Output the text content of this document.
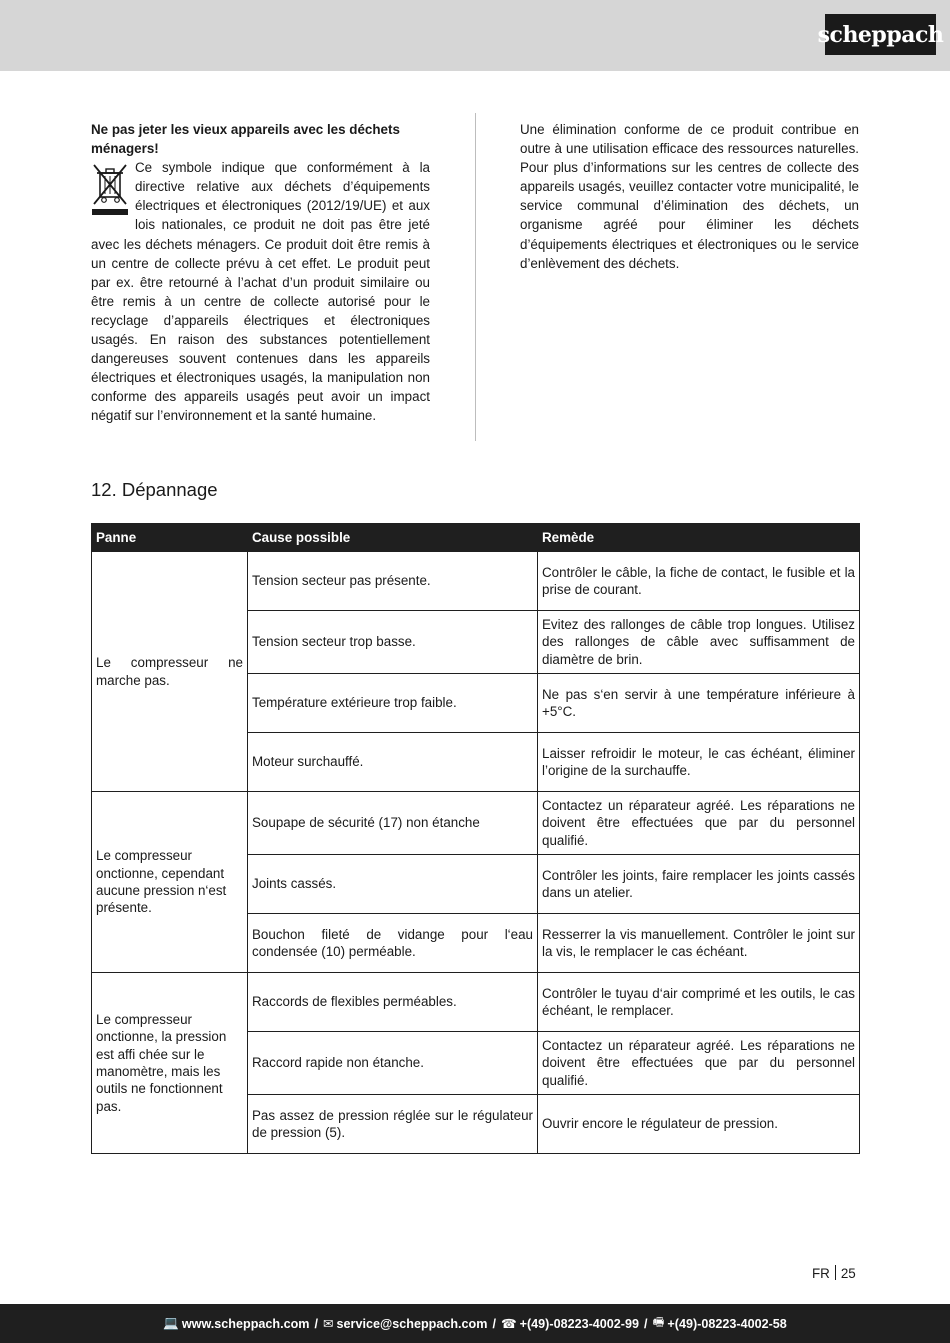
scheppach
Ne pas jeter les vieux appareils avec les déchets ménagers!
Ce symbole indique que conformément à la directive relative aux déchets d’équipements électriques et électroniques (2012/19/UE) et aux lois nationales, ce produit ne doit pas être jeté avec les déchets ménagers. Ce produit doit être remis à un centre de collecte prévu à cet effet. Le produit peut par ex. être retourné à l’achat d’un produit similaire ou être remis à un centre de collecte autorisé pour le recyclage d’appareils électriques et électroniques usagés. En raison des substances potentiellement dangereuses souvent contenues dans les appareils électriques et électroniques usagés, la manipulation non conforme des appareils usagés peut avoir un impact négatif sur l’environnement et la santé humaine.
Une élimination conforme de ce produit contribue en outre à une utilisation efficace des ressources naturelles. Pour plus d’informations sur les centres de collecte des appareils usagés, veuillez contacter votre municipalité, le service communal d’élimination des déchets, un organisme agréé pour éliminer les déchets d’équipements électriques et électroniques ou le service d’enlèvement des déchets.
12. Dépannage
Panne	Cause possible	Remède
Le compresseur ne marche pas.	Tension secteur pas présente.	Contrôler le câble, la fiche de contact, le fusible et la prise de courant.
	Tension secteur trop basse.	Evitez des rallonges de câble trop longues. Utilisez des rallonges de câble avec suffisamment de diamètre de brin.
	Température extérieure trop faible.	Ne pas s‘en servir à une température inférieure à +5°C.
	Moteur surchauffé.	Laisser refroidir le moteur, le cas échéant, éliminer l’origine de la surchauffe.
Le compresseur onctionne, cependant aucune pression n‘est présente.	Soupape de sécurité (17) non étanche	Contactez un réparateur agréé. Les réparations ne doivent être effectuées que par du personnel qualifié.
	Joints cassés.	Contrôler les joints, faire remplacer les joints cassés dans un atelier.
	Bouchon fileté de vidange pour l‘eau condensée (10) perméable.	Resserrer la vis manuellement. Contrôler le joint sur la vis, le remplacer le cas échéant.
Le compresseur onctionne, la pression est affi chée sur le manomètre, mais les outils ne fonctionnent pas.	Raccords de flexibles perméables.	Contrôler le tuyau d‘air comprimé et les outils, le cas échéant, le remplacer.
	Raccord rapide non étanche.	Contactez un réparateur agréé. Les réparations ne doivent être effectuées que par du personnel qualifié.
	Pas assez de pression réglée sur le régulateur de pression (5).	Ouvrir encore le régulateur de pression.
FR 25
💻 www.scheppach.com / ✉ service@scheppach.com / ☎ +(49)-08223-4002-99 / 🖷 +(49)-08223-4002-58
